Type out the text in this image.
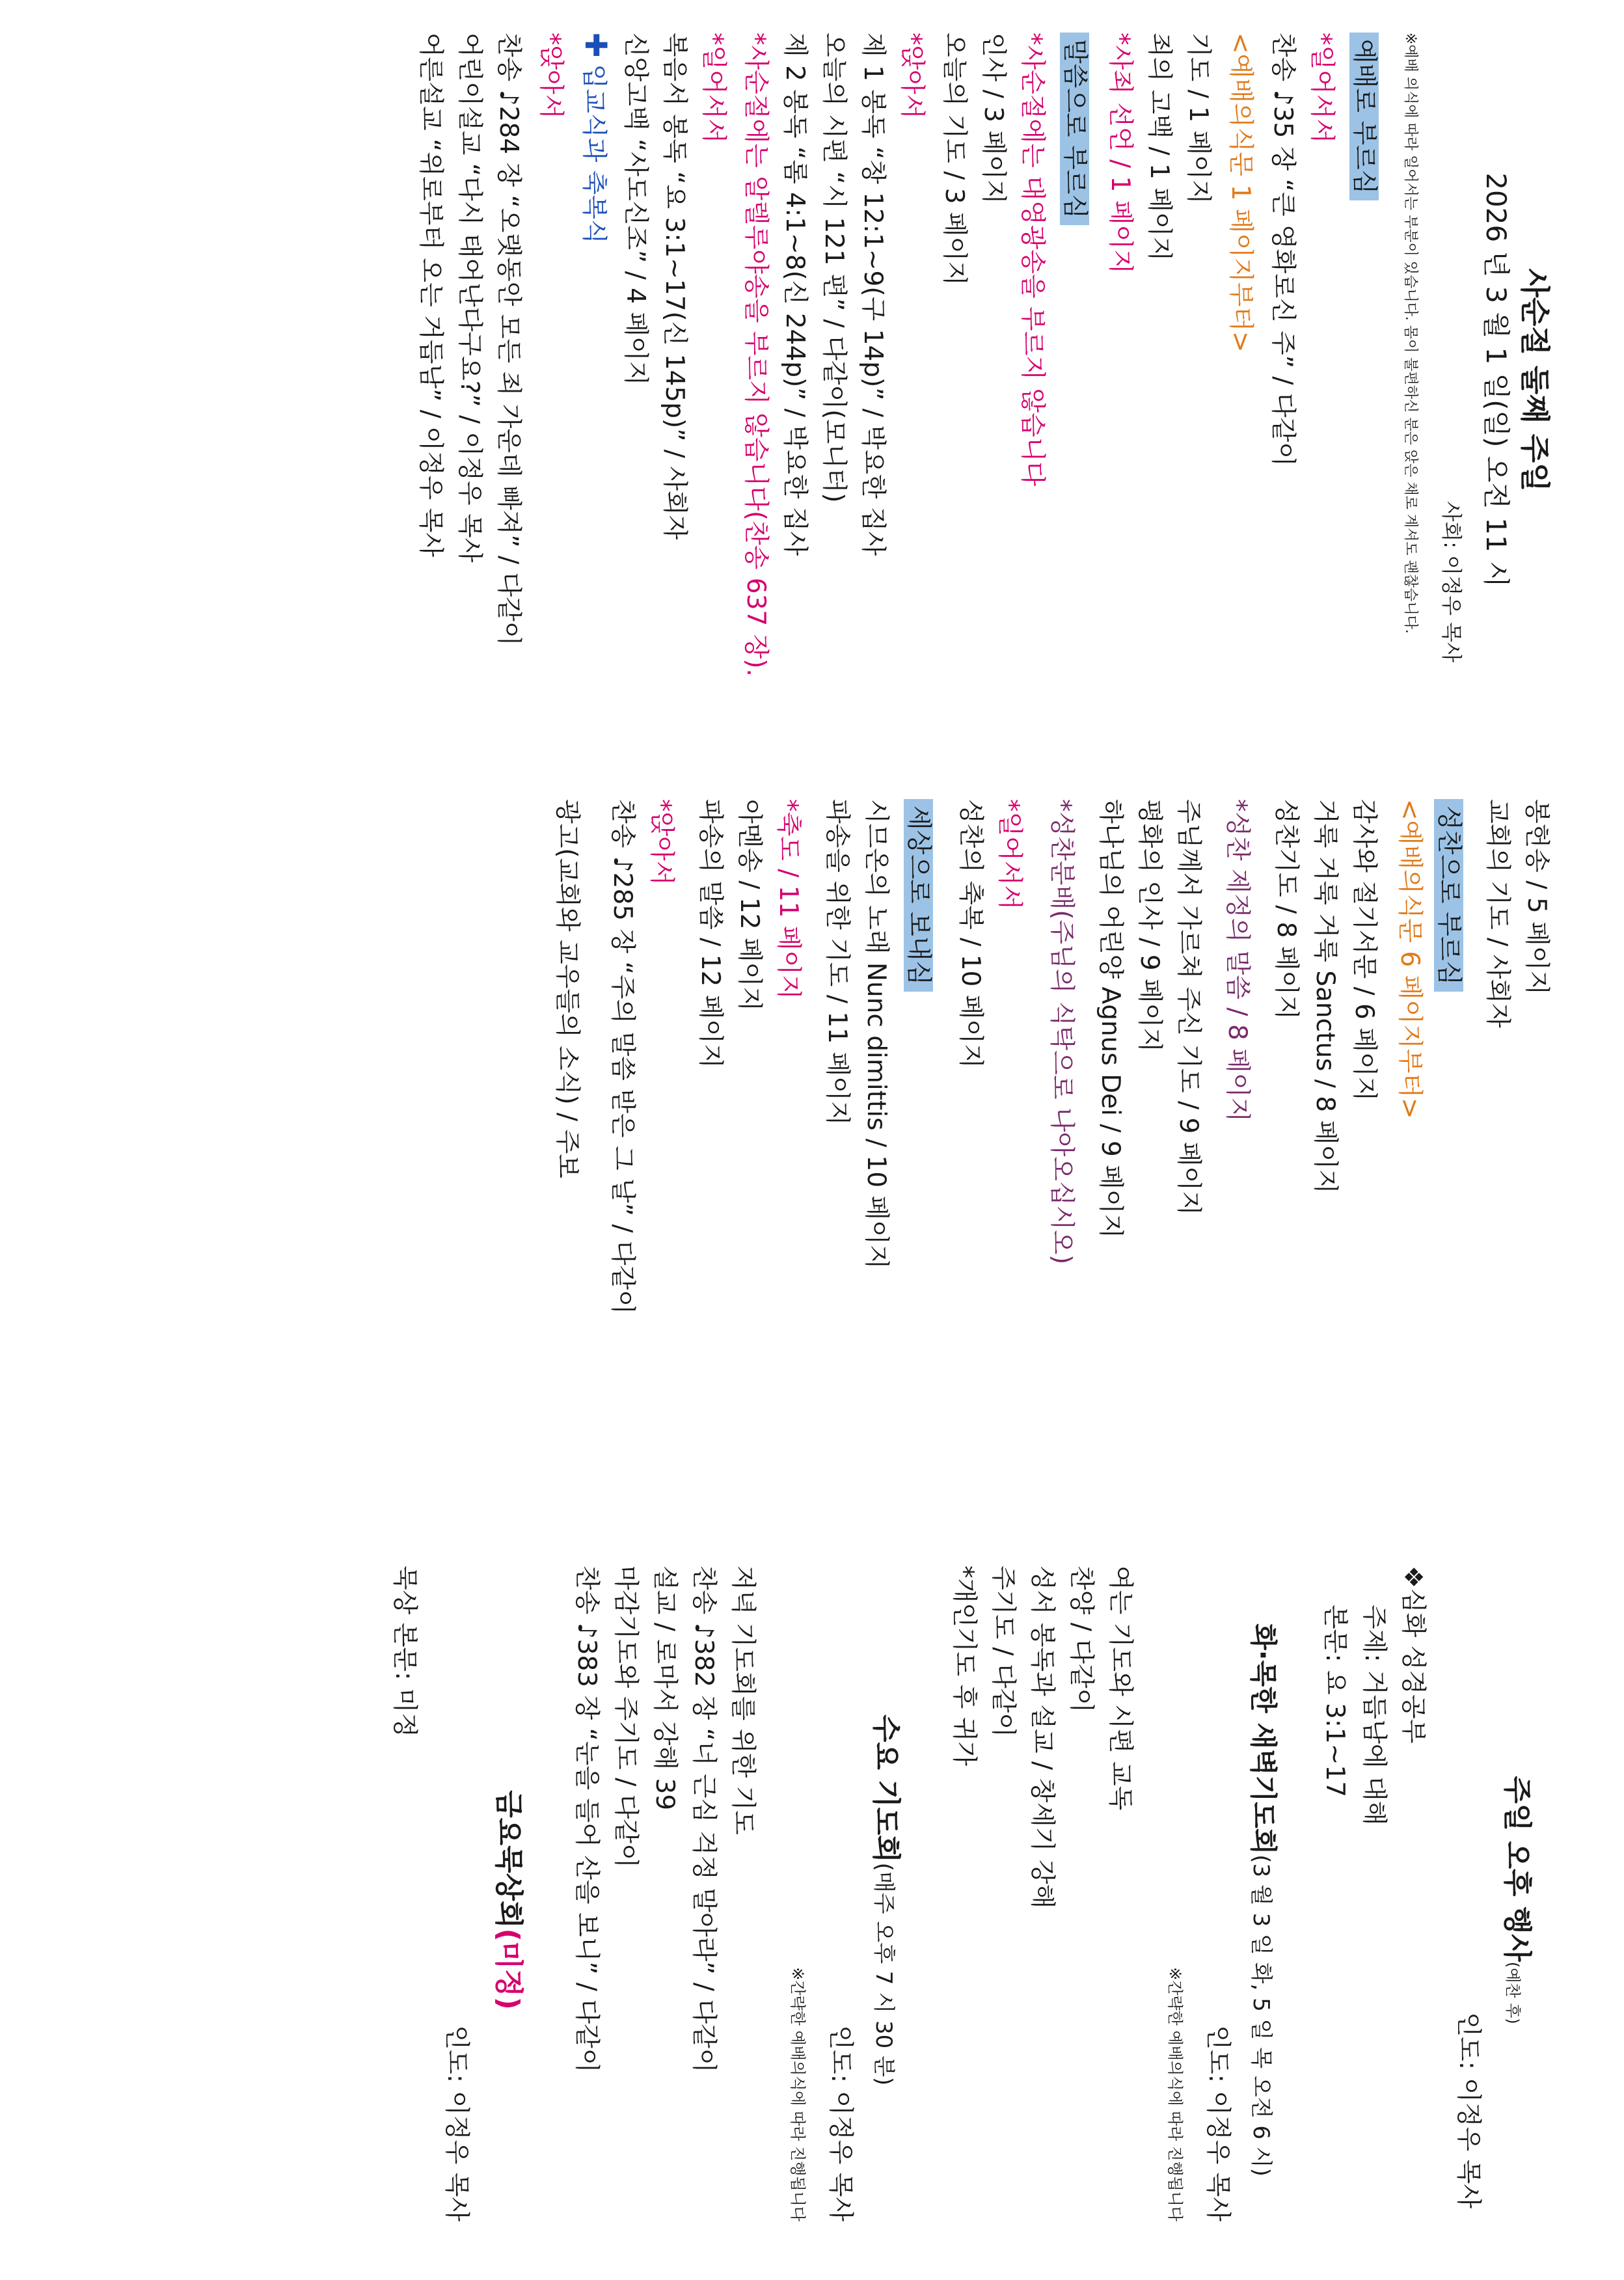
사순절 둘째 주일
2026 년 3 월 1 일(일) 오전 11 시
사회: 이정우 목사
※예배 의식에 따라 일어서는 부분이 있습니다. 몸이 불편하신 분은 앉은 채로 계셔도 괜찮습니다.
예배로 부르심
*일어서서
찬송 ♪35 장 “큰 영화로신 주” / 다같이
<예배의식문 1 페이지부터>
기도 / 1 페이지
죄의 고백 / 1 페이지
*사죄 선언 / 1 페이지
말씀으로 부르심
*사순절에는 대영광송을 부르지 않습니다
인사 / 3 페이지
오늘의 기도 / 3 페이지
*앉아서
제 1 봉독 “창 12:1~9(구 14p)” / 박요한 집사
오늘의 시편 “시 121 편” / 다같이(모니터)
제 2 봉독 “롬 4:1~8(신 244p)” / 박요한 집사
*사순절에는 알렐루야송을 부르지 않습니다(찬송 637 장).
*일어서서
복음서 봉독 “요 3:1~17(신 145p)” / 사회자
신앙고백 “사도신조” / 4 페이지
✚입교식과 축복식
*앉아서
찬송 ♪284 장 “오랫동안 모든 죄 가운데 빠져” / 다같이
어린이설교 “다시 태어난다구요?” / 이정우 목사
어른설교 “위로부터 오는 거듭남” / 이정우 목사
봉헌송 / 5 페이지
교회의 기도 / 사회자
성찬으로 부르심
<예배의식문 6 페이지부터>
감사와 절기서문 / 6 페이지
거룩 거룩 거룩 Sanctus / 8 페이지
성찬기도 / 8 페이지
*성찬 제정의 말씀 / 8 페이지
주님께서 가르쳐 주신 기도 / 9 페이지
평화의 인사 / 9 페이지
하나님의 어린양 Agnus Dei / 9 페이지
*성찬분배(주님의 식탁으로 나아오십시오)
*일어서서
성찬의 축복 / 10 페이지
세상으로 보내심
시므온의 노래 Nunc dimittis / 10 페이지
파송을 위한 기도 / 11 페이지
*축도 / 11 페이지
아멘송 / 12 페이지
파송의 말씀 / 12 페이지
*앉아서
찬송 ♪285 장 “주의 말씀 받은 그 날” / 다같이
광고(교회와 교우들의 소식) / 주보
주일 오후 행사(예찬 후)
인도: 이정우 목사
❖심화 성경공부
주제: 거듭남에 대해
본문: 요 3:1~17
화·목한 새벽기도회(3 월 3 일 화, 5 일 목 오전 6 시)
인도: 이정우 목사
※간략한 예배의식에 따라 진행됩니다
여는 기도와 시편 교독
찬양 / 다같이
성서 봉독과 설교 / 창세기 강해
주기도 / 다같이
*개인기도 후 귀가
수요 기도회(매주 오후 7 시 30 분)
인도: 이정우 목사
※간략한 예배의식에 따라 진행됩니다
저녁 기도회를 위한 기도
찬송 ♪382 장 “너 근심 걱정 말아라” / 다같이
설교 / 로마서 강해 39
마감기도와 주기도 / 다같이
찬송 ♪383 장 “눈을 들어 산을 보니” / 다같이
금요묵상회(미정)
인도: 이정우 목사
묵상 본문: 미정
